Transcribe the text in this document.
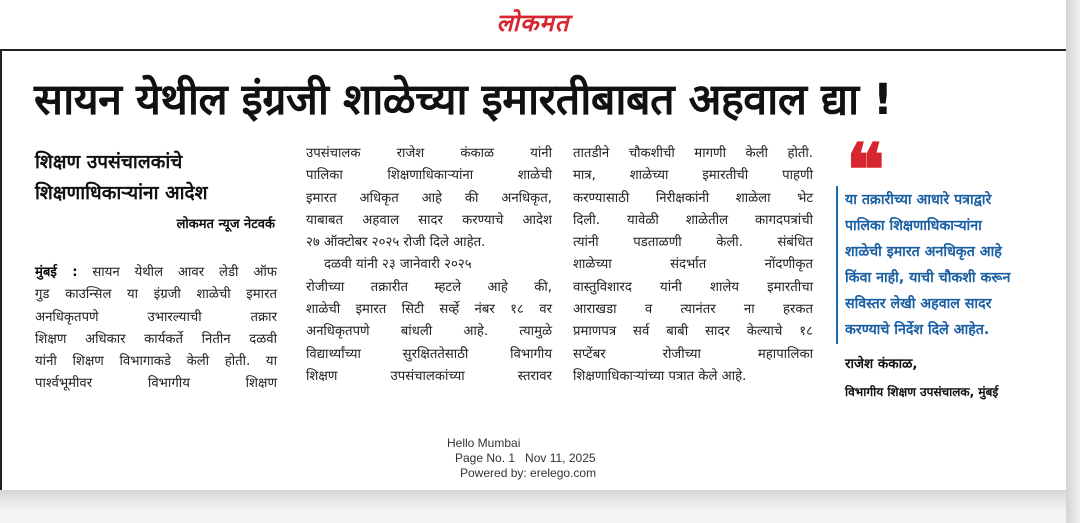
लोकमत
सायन येथील इंग्रजी शाळेच्या इमारतीबाबत अहवाल द्या !
शिक्षण उपसंचालकांचे
शिक्षणाधिकाऱ्यांना आदेश
लोकमत न्यूज नेटवर्क
मुंबई : सायन येथील आवर लेडी ऑफ
गुड काउन्सिल या इंग्रजी शाळेची इमारत
अनधिकृतपणे उभारल्याची तक्रार
शिक्षण अधिकार कार्यकर्ते नितीन दळवी
यांनी शिक्षण विभागाकडे केली होती. या
पार्श्वभूमीवर विभागीय शिक्षण
उपसंचालक राजेश कंकाळ यांनी
पालिका शिक्षणाधिकाऱ्यांना शाळेची
इमारत अधिकृत आहे की अनधिकृत,
याबाबत अहवाल सादर करण्याचे आदेश
२७ ऑक्टोबर २०२५ रोजी दिले आहेत.
दळवी यांनी २३ जानेवारी २०२५
रोजीच्या तक्रारीत म्हटले आहे की,
शाळेची इमारत सिटी सर्व्हे नंबर १८ वर
अनधिकृतपणे बांधली आहे. त्यामुळे
विद्यार्थ्यांच्या सुरक्षिततेसाठी विभागीय
शिक्षण उपसंचालकांच्या स्तरावर
तातडीने चौकशीची मागणी केली होती.
मात्र, शाळेच्या इमारतीची पाहणी
करण्यासाठी निरीक्षकांनी शाळेला भेट
दिली. यावेळी शाळेतील कागदपत्रांची
त्यांनी पडताळणी केली. संबंधित
शाळेच्या संदर्भात नोंदणीकृत
वास्तुविशारद यांनी शालेय इमारतीचा
आराखडा व त्यानंतर ना हरकत
प्रमाणपत्र सर्व बाबी सादर केल्याचे १८
सप्टेंबर रोजीच्या महापालिका
शिक्षणाधिकाऱ्यांच्या पत्रात केले आहे.
❝
या तक्रारीच्या आधारे पत्राद्वारे
पालिका शिक्षणाधिकाऱ्यांना
शाळेची इमारत अनधिकृत आहे
किंवा नाही, याची चौकशी करून
सविस्तर लेखी अहवाल सादर
करण्याचे निर्देश दिले आहेत.
राजेश कंकाळ,
विभागीय शिक्षण उपसंचालक, मुंबई
Hello Mumbai
Page No. 1   Nov 11, 2025
Powered by: erelego.com
